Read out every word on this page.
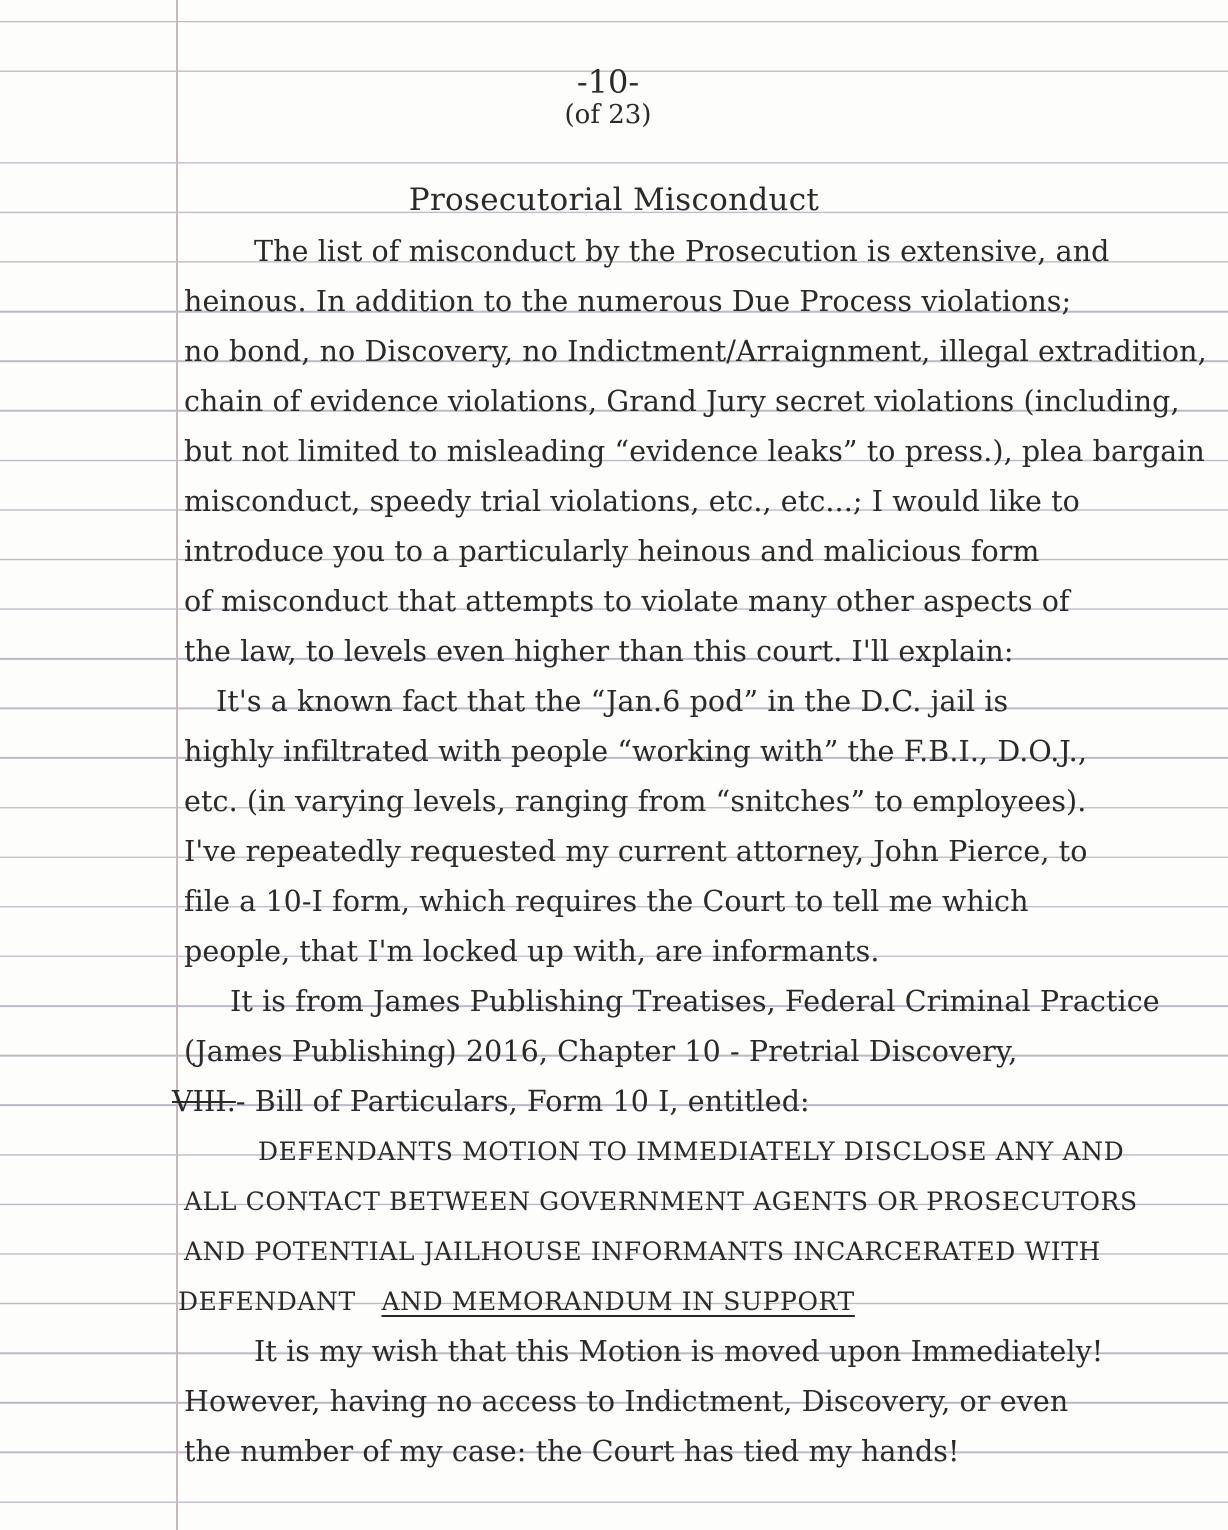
-10-
(of 23)
Prosecutorial Misconduct
The list of misconduct by the Prosecution is extensive, and
heinous. In addition to the numerous Due Process violations;
no bond, no Discovery, no Indictment/Arraignment, illegal extradition,
chain of evidence violations, Grand Jury secret violations (including,
but not limited to misleading “evidence leaks” to press.), plea bargain
misconduct, speedy trial violations, etc., etc...; I would like to
introduce you to a particularly heinous and malicious form
of misconduct that attempts to violate many other aspects of
the law, to levels even higher than this court. I'll explain:
It's a known fact that the “Jan.6 pod” in the D.C. jail is
highly infiltrated with people “working with” the F.B.I., D.O.J.,
etc. (in varying levels, ranging from “snitches” to employees).
I've repeatedly requested my current attorney, John Pierce, to
file a 10-I form, which requires the Court to tell me which
people, that I'm locked up with, are informants.
It is from James Publishing Treatises, Federal Criminal Practice
(James Publishing) 2016, Chapter 10 - Pretrial Discovery,
VIII.- Bill of Particulars, Form 10 I, entitled:
DEFENDANTS MOTION TO IMMEDIATELY DISCLOSE ANY AND
ALL CONTACT BETWEEN GOVERNMENT AGENTS OR PROSECUTORS
AND POTENTIAL JAILHOUSE INFORMANTS INCARCERATED WITH
DEFENDANT AND MEMORANDUM IN SUPPORT
It is my wish that this Motion is moved upon Immediately!
However, having no access to Indictment, Discovery, or even
the number of my case: the Court has tied my hands!
